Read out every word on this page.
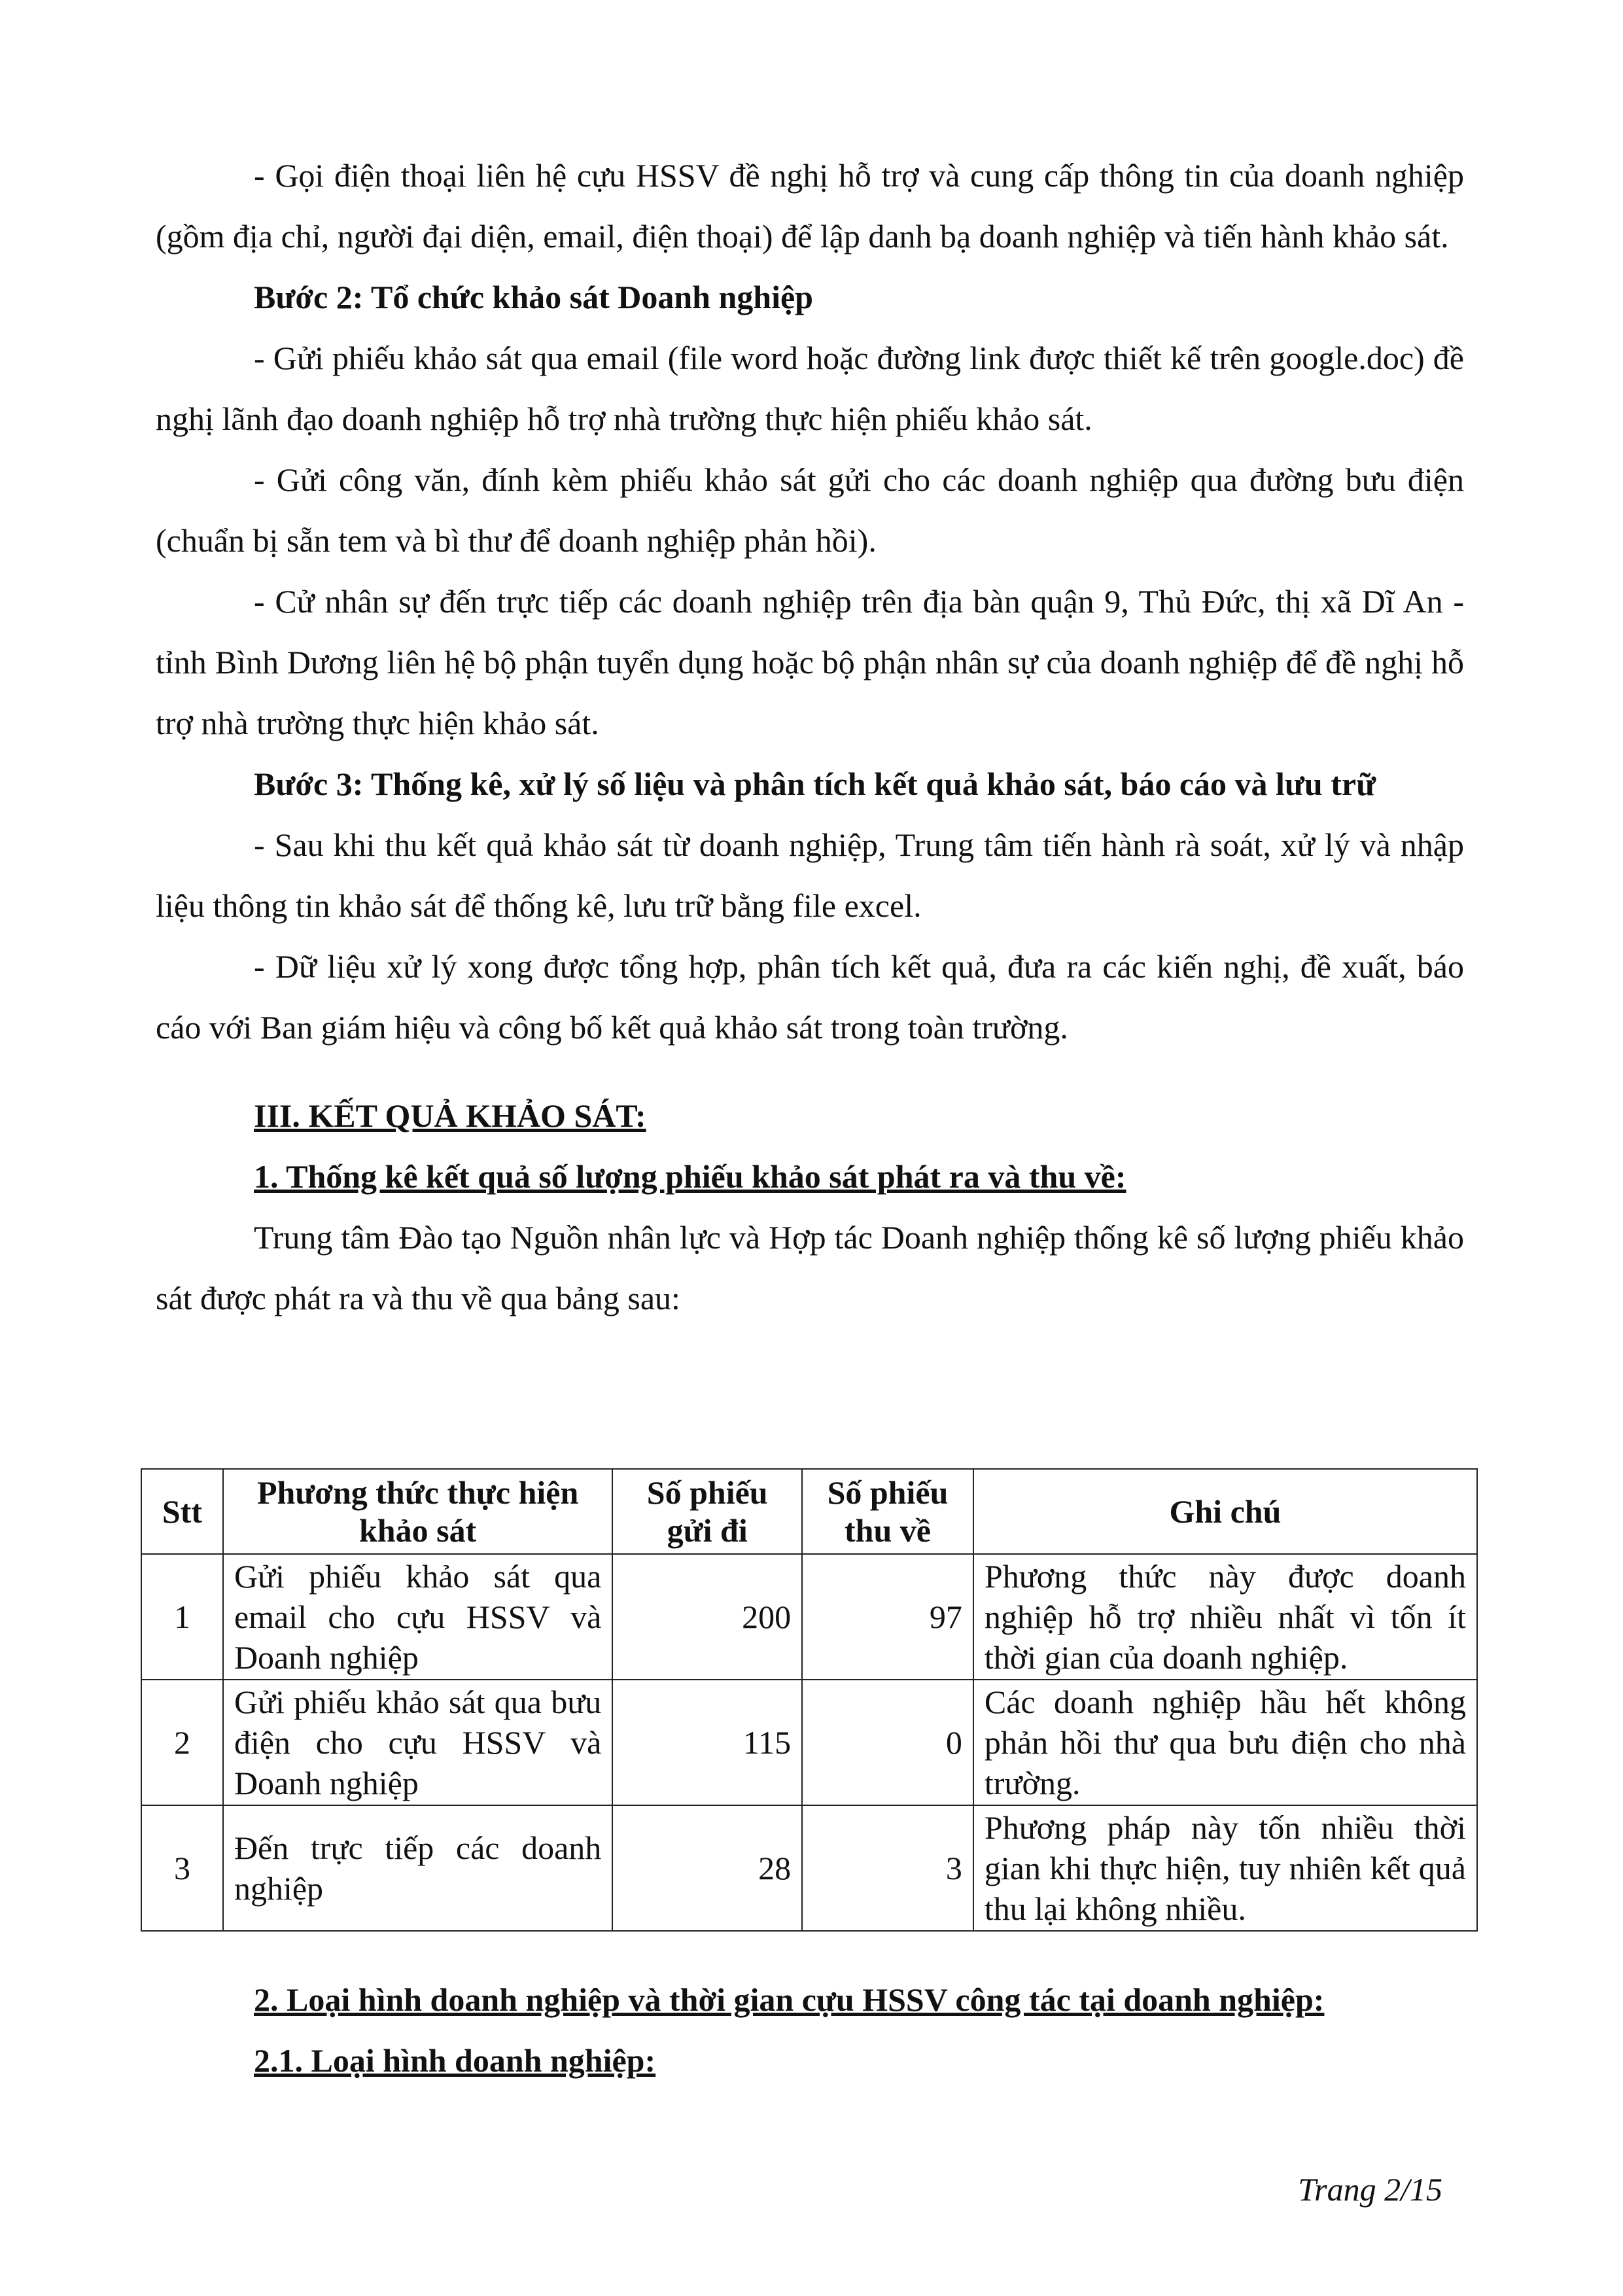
- Gọi điện thoại liên hệ cựu HSSV đề nghị hỗ trợ và cung cấp thông tin của doanh nghiệp (gồm địa chỉ, người đại diện, email, điện thoại) để lập danh bạ doanh nghiệp và tiến hành khảo sát.

Bước 2: Tổ chức khảo sát Doanh nghiệp

- Gửi phiếu khảo sát qua email (file word hoặc đường link được thiết kế trên google.doc) đề nghị lãnh đạo doanh nghiệp hỗ trợ nhà trường thực hiện phiếu khảo sát.

- Gửi công văn, đính kèm phiếu khảo sát gửi cho các doanh nghiệp qua đường bưu điện (chuẩn bị sẵn tem và bì thư để doanh nghiệp phản hồi).

- Cử nhân sự đến trực tiếp các doanh nghiệp trên địa bàn quận 9, Thủ Đức, thị xã Dĩ An - tỉnh Bình Dương liên hệ bộ phận tuyển dụng hoặc bộ phận nhân sự của doanh nghiệp để đề nghị hỗ trợ nhà trường thực hiện khảo sát.

Bước 3: Thống kê, xử lý số liệu và phân tích kết quả khảo sát, báo cáo và lưu trữ

- Sau khi thu kết quả khảo sát từ doanh nghiệp, Trung tâm tiến hành rà soát, xử lý và nhập liệu thông tin khảo sát để thống kê, lưu trữ bằng file excel.

- Dữ liệu xử lý xong được tổng hợp, phân tích kết quả, đưa ra các kiến nghị, đề xuất, báo cáo với Ban giám hiệu và công bố kết quả khảo sát trong toàn trường.

III. KẾT QUẢ KHẢO SÁT:

1. Thống kê kết quả số lượng phiếu khảo sát phát ra và thu về:

Trung tâm Đào tạo Nguồn nhân lực và Hợp tác Doanh nghiệp thống kê số lượng phiếu khảo sát được phát ra và thu về qua bảng sau:

Stt	Phương thức thực hiện khảo sát	Số phiếu gửi đi	Số phiếu thu về	Ghi chú
1	Gửi phiếu khảo sát qua email cho cựu HSSV và Doanh nghiệp	200	97	Phương thức này được doanh nghiệp hỗ trợ nhiều nhất vì tốn ít thời gian của doanh nghiệp.
2	Gửi phiếu khảo sát qua bưu điện cho cựu HSSV và Doanh nghiệp	115	0	Các doanh nghiệp hầu hết không phản hồi thư qua bưu điện cho nhà trường.
3	Đến trực tiếp các doanh nghiệp	28	3	Phương pháp này tốn nhiều thời gian khi thực hiện, tuy nhiên kết quả thu lại không nhiều.

2. Loại hình doanh nghiệp và thời gian cựu HSSV công tác tại doanh nghiệp:

2.1. Loại hình doanh nghiệp:

Trang 2/15
